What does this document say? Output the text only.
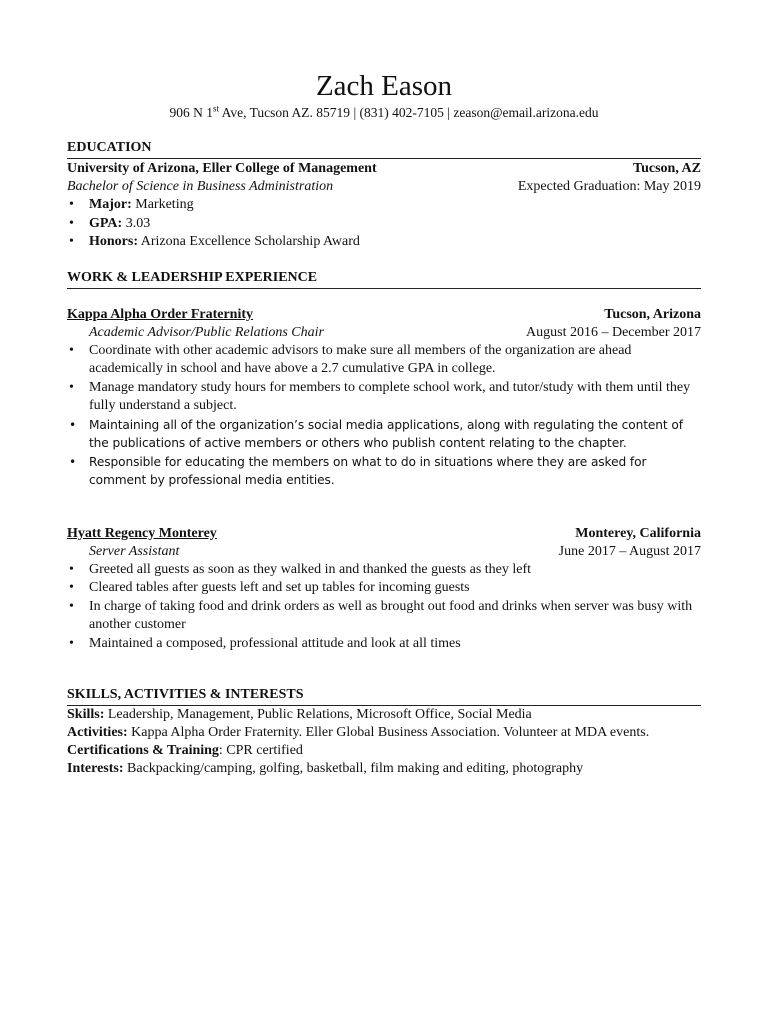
Zach Eason
906 N 1st Ave, Tucson AZ. 85719 | (831) 402-7105 | zeason@email.arizona.edu
EDUCATION
University of Arizona, Eller College of Management	Tucson, AZ
Bachelor of Science in Business Administration	Expected Graduation: May 2019
• Major: Marketing
• GPA: 3.03
• Honors: Arizona Excellence Scholarship Award
WORK & LEADERSHIP EXPERIENCE
Kappa Alpha Order Fraternity	Tucson, Arizona
Academic Advisor/Public Relations Chair	August 2016 – December 2017
• Coordinate with other academic advisors to make sure all members of the organization are ahead academically in school and have above a 2.7 cumulative GPA in college.
• Manage mandatory study hours for members to complete school work, and tutor/study with them until they fully understand a subject.
• Maintaining all of the organization’s social media applications, along with regulating the content of the publications of active members or others who publish content relating to the chapter.
• Responsible for educating the members on what to do in situations where they are asked for comment by professional media entities.
Hyatt Regency Monterey	Monterey, California
Server Assistant	June 2017 – August 2017
• Greeted all guests as soon as they walked in and thanked the guests as they left
• Cleared tables after guests left and set up tables for incoming guests
• In charge of taking food and drink orders as well as brought out food and drinks when server was busy with another customer
• Maintained a composed, professional attitude and look at all times
SKILLS, ACTIVITIES & INTERESTS
Skills: Leadership, Management, Public Relations, Microsoft Office, Social Media
Activities: Kappa Alpha Order Fraternity. Eller Global Business Association. Volunteer at MDA events.
Certifications & Training: CPR certified
Interests: Backpacking/camping, golfing, basketball, film making and editing, photography
